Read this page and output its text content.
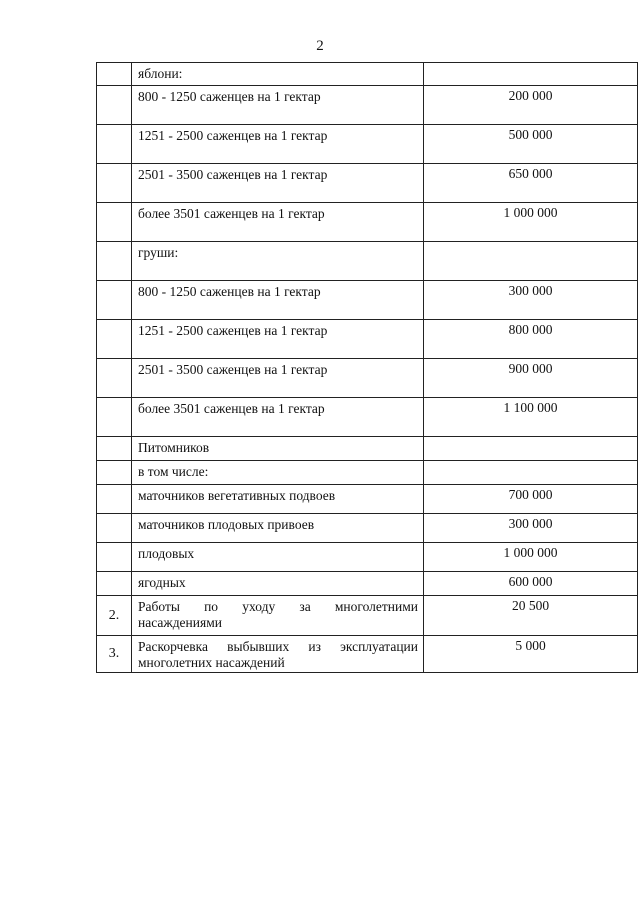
2
	яблони:	
	800 - 1250 саженцев на 1 гектар	200 000
	1251 - 2500 саженцев на 1 гектар	500 000
	2501 - 3500 саженцев на 1 гектар	650 000
	более 3501 саженцев на 1 гектар	1 000 000
	груши:	
	800 - 1250 саженцев на 1 гектар	300 000
	1251 - 2500 саженцев на 1 гектар	800 000
	2501 - 3500 саженцев на 1 гектар	900 000
	более 3501 саженцев на 1 гектар	1 100 000
	Питомников	
	в том числе:	
	маточников вегетативных подвоев	700 000
	маточников плодовых привоев	300 000
	плодовых	1 000 000
	ягодных	600 000
2.	Работы по уходу за многолетними насаждениями	20 500
3.	Раскорчевка выбывших из эксплуатации многолетних насаждений	5 000
